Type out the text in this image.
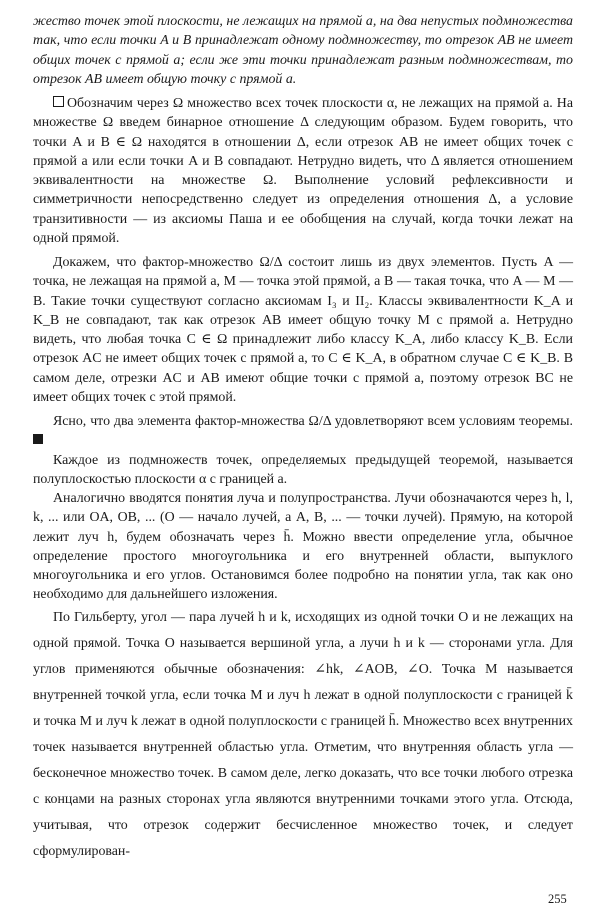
жество точек этой плоскости, не лежащих на прямой a, на два непустых подмножества так, что если точки A и B принадлежат одному подмножеству, то отрезок AB не имеет общих точек с прямой a; если же эти точки принадлежат разным подмножествам, то отрезок AB имеет общую точку с прямой a.

Обозначим через Ω множество всех точек плоскости α, не лежащих на прямой a. На множестве Ω введем бинарное отношение Δ следующим образом. Будем говорить, что точки A и B ∈ Ω находятся в отношении Δ, если отрезок AB не имеет общих точек с прямой a или если точки A и B совпадают. Нетрудно видеть, что Δ является отношением эквивалентности на множестве Ω. Выполнение условий рефлексивности и симметричности непосредственно следует из определения отношения Δ, а условие транзитивности — из аксиомы Паша и ее обобщения на случай, когда точки лежат на одной прямой.

Докажем, что фактор-множество Ω/Δ состоит лишь из двух элементов. Пусть A — точка, не лежащая на прямой a, M — точка этой прямой, а B — такая точка, что A — M — B. Такие точки существуют согласно аксиомам I₃ и II₂. Классы эквивалентности K_A и K_B не совпадают, так как отрезок AB имеет общую точку M с прямой a. Нетрудно видеть, что любая точка C ∈ Ω принадлежит либо классу K_A, либо классу K_B. Если отрезок AC не имеет общих точек с прямой a, то C ∈ K_A, в обратном случае C ∈ K_B. В самом деле, отрезки AC и AB имеют общие точки с прямой a, поэтому отрезок BC не имеет общих точек с этой прямой.

Ясно, что два элемента фактор-множества Ω/Δ удовлетворяют всем условиям теоремы.

Каждое из подмножеств точек, определяемых предыдущей теоремой, называется полуплоскостью плоскости α с границей a.

Аналогично вводятся понятия луча и полупространства. Лучи обозначаются через h, l, k, ... или OA, OB, ... (O — начало лучей, а A, B, ... — точки лучей). Прямую, на которой лежит луч h, будем обозначать через h̄. Можно ввести определение угла, обычное определение простого многоугольника и его внутренней области, выпуклого многоугольника и его углов. Остановимся более подробно на понятии угла, так как оно необходимо для дальнейшего изложения.

По Гильберту, угол — пара лучей h и k, исходящих из одной точки O и не лежащих на одной прямой. Точка O называется вершиной угла, а лучи h и k — сторонами угла. Для углов применяются обычные обозначения: ∠hk, ∠AOB, ∠O. Точка M называется внутренней точкой угла, если точка M и луч h лежат в одной полуплоскости с границей k̄ и точка M и луч k лежат в одной полуплоскости с границей h̄. Множество всех внутренних точек называется внутренней областью угла. Отметим, что внутренняя область угла — бесконечное множество точек. В самом деле, легко доказать, что все точки любого отрезка с концами на разных сторонах угла являются внутренними точками этого угла. Отсюда, учитывая, что отрезок содержит бесчисленное множество точек, и следует сформулирован-

255
